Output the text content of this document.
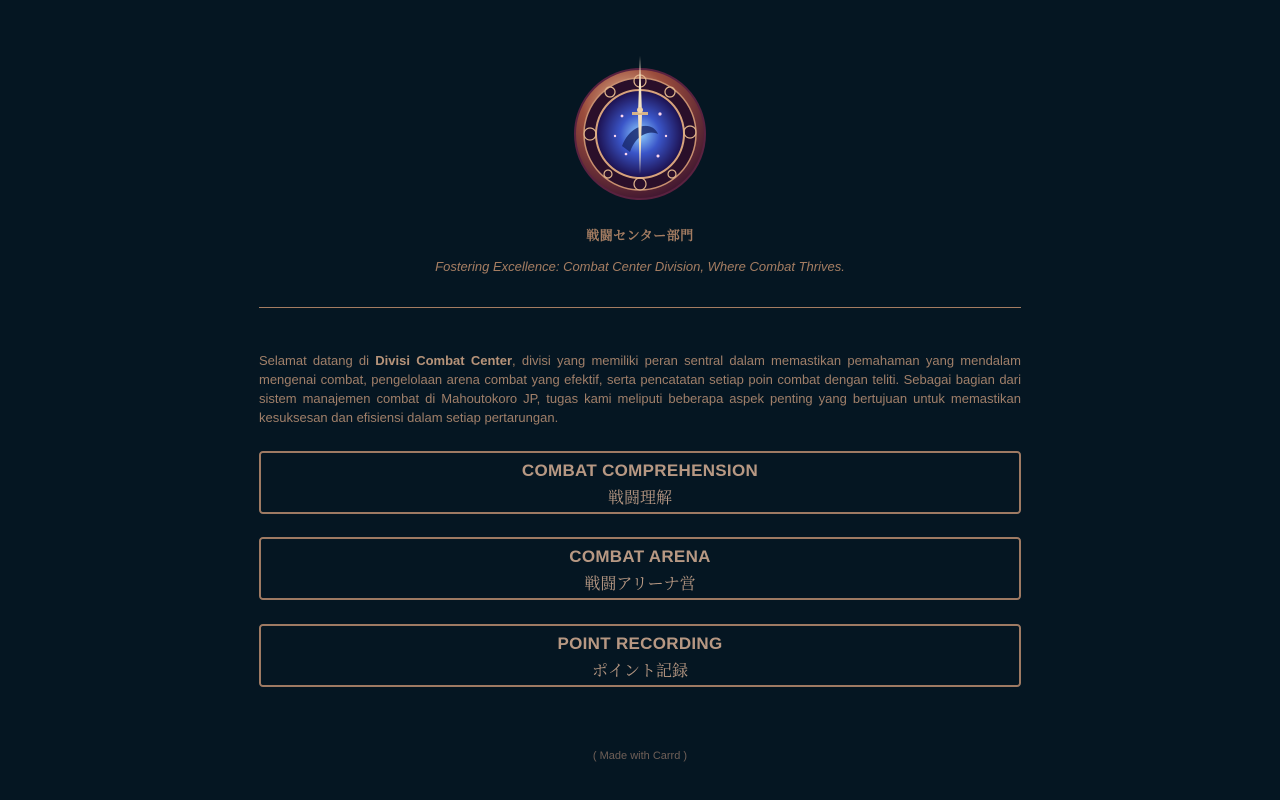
戦闘センター部門
Fostering Excellence: Combat Center Division, Where Combat Thrives.
Selamat datang di Divisi Combat Center, divisi yang memiliki peran sentral dalam memastikan pemahaman yang mendalam mengenai combat, pengelolaan arena combat yang efektif, serta pencatatan setiap poin combat dengan teliti. Sebagai bagian dari sistem manajemen combat di Mahoutokoro JP, tugas kami meliputi beberapa aspek penting yang bertujuan untuk memastikan kesuksesan dan efisiensi dalam setiap pertarungan.
COMBAT COMPREHENSION
戦闘理解
COMBAT ARENA
戦闘アリーナ営
POINT RECORDING
ポイント記録
( Made with Carrd )
